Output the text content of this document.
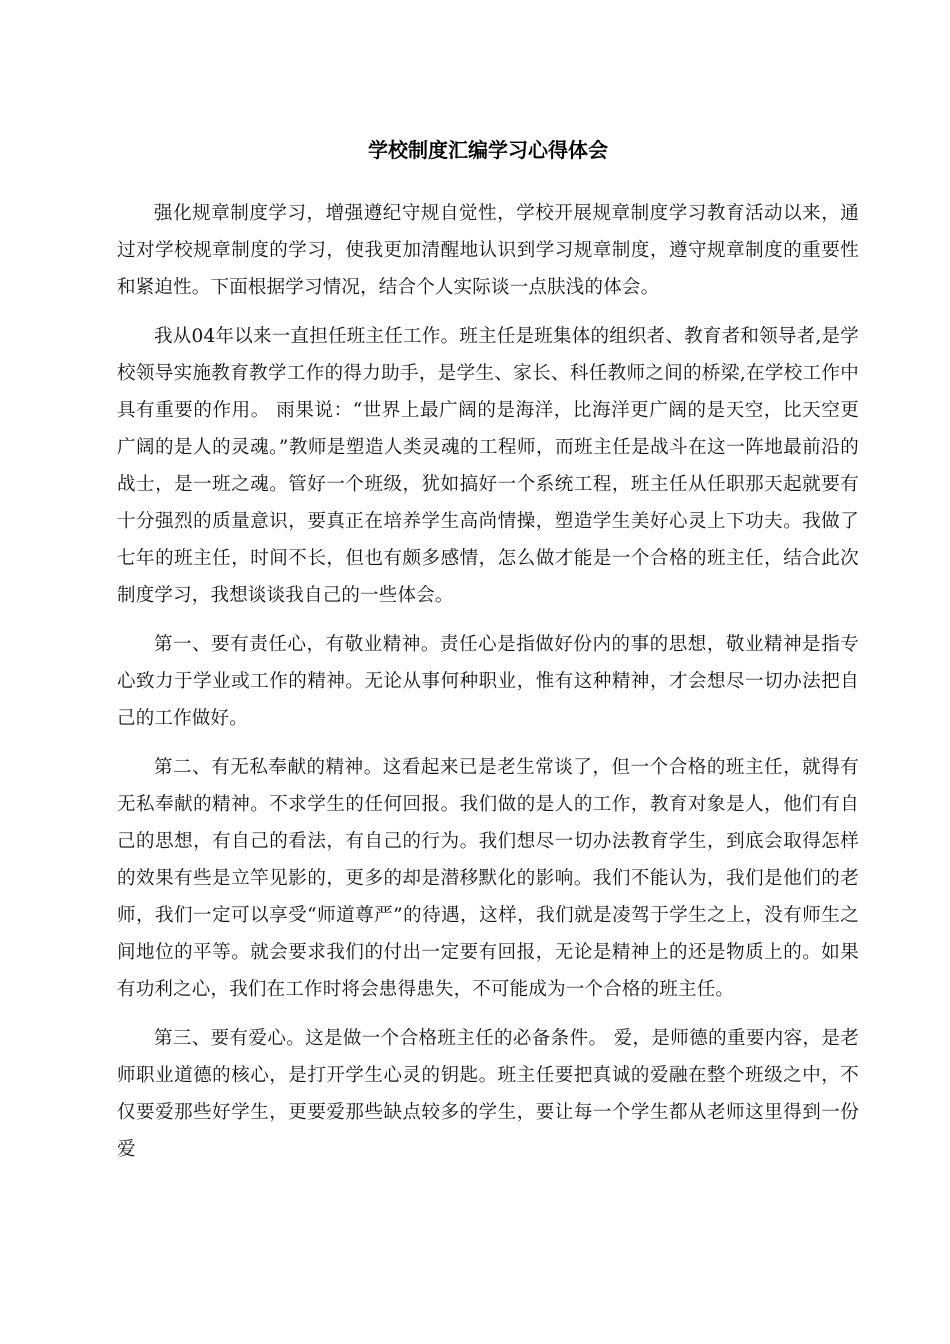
学校制度汇编学习心得体会

强化规章制度学习，增强遵纪守规自觉性，学校开展规章制度学习教育活动以来，通过对学校规章制度的学习，使我更加清醒地认识到学习规章制度，遵守规章制度的重要性和紧迫性。下面根据学习情况，结合个人实际谈一点肤浅的体会。

我从04年以来一直担任班主任工作。班主任是班集体的组织者、教育者和领导者,是学校领导实施教育教学工作的得力助手，是学生、家长、科任教师之间的桥梁,在学校工作中具有重要的作用。 雨果说：“世界上最广阔的是海洋，比海洋更广阔的是天空，比天空更广阔的是人的灵魂。”教师是塑造人类灵魂的工程师，而班主任是战斗在这一阵地最前沿的战士，是一班之魂。管好一个班级，犹如搞好一个系统工程，班主任从任职那天起就要有十分强烈的质量意识，要真正在培养学生高尚情操，塑造学生美好心灵上下功夫。我做了七年的班主任，时间不长，但也有颇多感情，怎么做才能是一个合格的班主任，结合此次制度学习，我想谈谈我自己的一些体会。

第一、要有责任心，有敬业精神。责任心是指做好份内的事的思想，敬业精神是指专心致力于学业或工作的精神。无论从事何种职业，惟有这种精神，才会想尽一切办法把自己的工作做好。

第二、有无私奉献的精神。这看起来已是老生常谈了，但一个合格的班主任，就得有无私奉献的精神。不求学生的任何回报。我们做的是人的工作，教育对象是人，他们有自己的思想，有自己的看法，有自己的行为。我们想尽一切办法教育学生，到底会取得怎样的效果有些是立竿见影的，更多的却是潜移默化的影响。我们不能认为，我们是他们的老师，我们一定可以享受“师道尊严”的待遇，这样，我们就是凌驾于学生之上，没有师生之间地位的平等。就会要求我们的付出一定要有回报，无论是精神上的还是物质上的。如果有功利之心，我们在工作时将会患得患失，不可能成为一个合格的班主任。

第三、要有爱心。这是做一个合格班主任的必备条件。 爱，是师德的重要内容，是老师职业道德的核心，是打开学生心灵的钥匙。班主任要把真诚的爱融在整个班级之中，不仅要爱那些好学生，更要爱那些缺点较多的学生，要让每一个学生都从老师这里得到一份爱
